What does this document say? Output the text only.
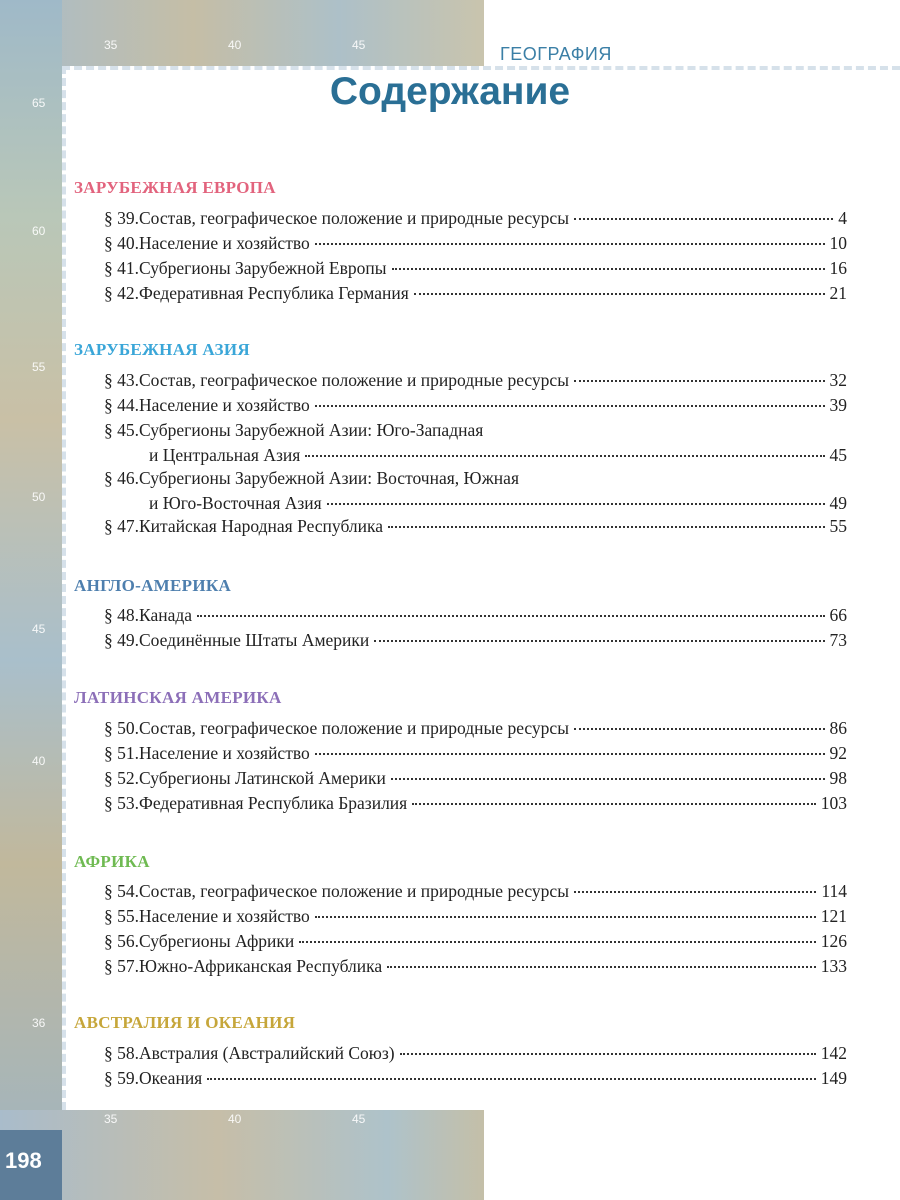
35	40	45
65
60
55
50
45
40
36
35	40	45
ГЕОГРАФИЯ
Содержание
ЗАРУБЕЖНАЯ ЕВРОПА
§ 39. Состав, географическое положение и природные ресурсы	4
§ 40. Население и хозяйство	10
§ 41. Субрегионы Зарубежной Европы	16
§ 42. Федеративная Республика Германия	21
ЗАРУБЕЖНАЯ АЗИЯ
§ 43. Состав, географическое положение и природные ресурсы	32
§ 44. Население и хозяйство	39
§ 45. Субрегионы Зарубежной Азии: Юго-Западная
и Центральная Азия	45
§ 46. Субрегионы Зарубежной Азии: Восточная, Южная
и Юго-Восточная Азия	49
§ 47. Китайская Народная Республика	55
АНГЛО-АМЕРИКА
§ 48. Канада	66
§ 49. Соединённые Штаты Америки	73
ЛАТИНСКАЯ АМЕРИКА
§ 50. Состав, географическое положение и природные ресурсы	86
§ 51. Население и хозяйство	92
§ 52. Субрегионы Латинской Америки	98
§ 53. Федеративная Республика Бразилия	103
АФРИКА
§ 54. Состав, географическое положение и природные ресурсы	114
§ 55. Население и хозяйство	121
§ 56. Субрегионы Африки	126
§ 57. Южно-Африканская Республика	133
АВСТРАЛИЯ И ОКЕАНИЯ
§ 58. Австралия (Австралийский Союз)	142
§ 59. Океания	149
198
